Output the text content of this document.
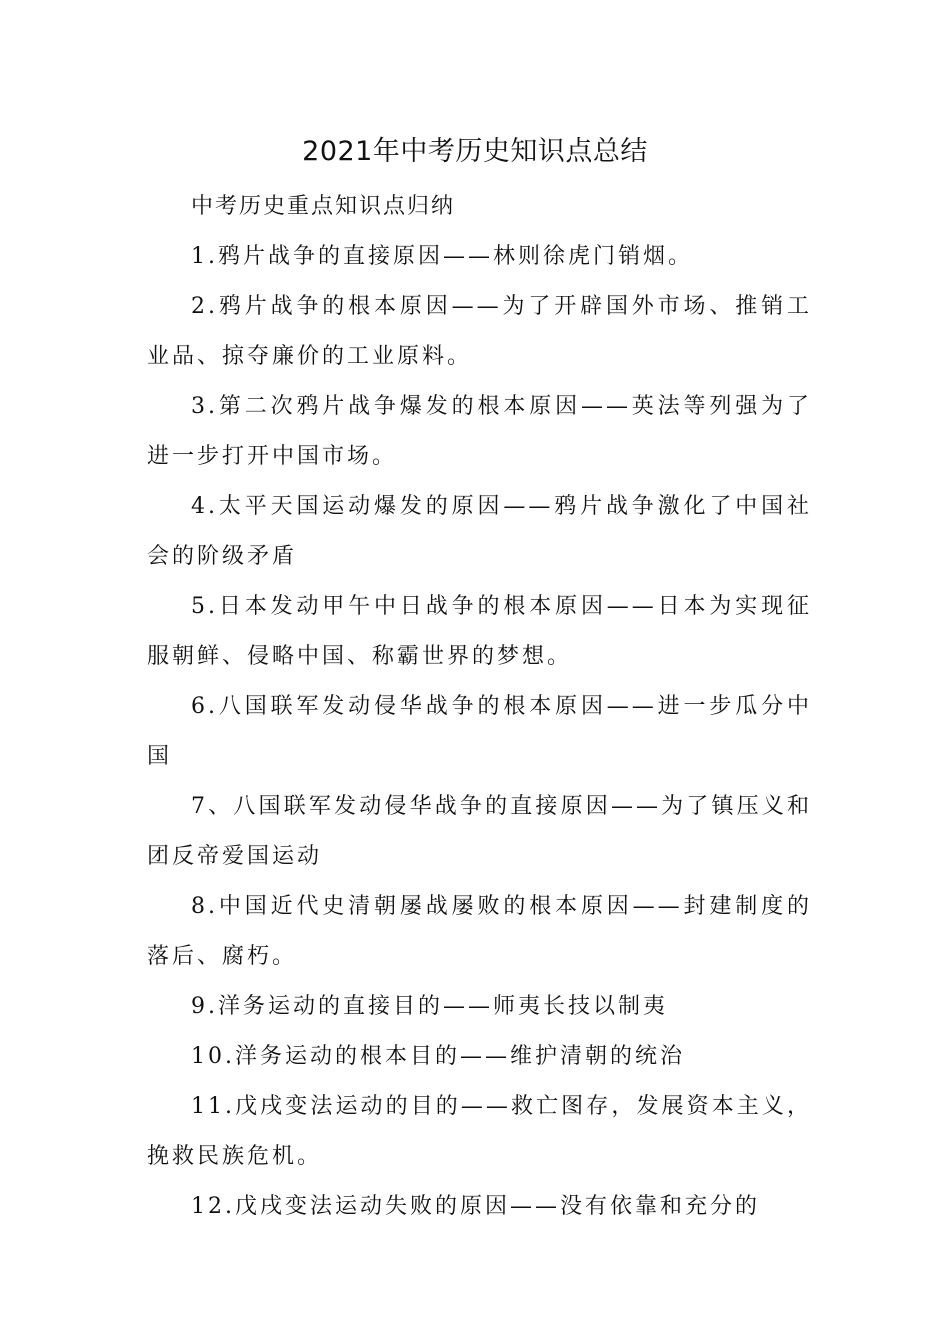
2021年中考历史知识点总结

中考历史重点知识点归纳

1.鸦片战争的直接原因——林则徐虎门销烟。

2.鸦片战争的根本原因——为了开辟国外市场、推销工业品、掠夺廉价的工业原料。

3.第二次鸦片战争爆发的根本原因——英法等列强为了进一步打开中国市场。

4.太平天国运动爆发的原因——鸦片战争激化了中国社会的阶级矛盾

5.日本发动甲午中日战争的根本原因——日本为实现征服朝鲜、侵略中国、称霸世界的梦想。

6.八国联军发动侵华战争的根本原因——进一步瓜分中国

7、八国联军发动侵华战争的直接原因——为了镇压义和团反帝爱国运动

8.中国近代史清朝屡战屡败的根本原因——封建制度的落后、腐朽。

9.洋务运动的直接目的——师夷长技以制夷

10.洋务运动的根本目的——维护清朝的统治

11.戊戌变法运动的目的——救亡图存，发展资本主义，挽救民族危机。

12.戊戌变法运动失败的原因——没有依靠和充分的
